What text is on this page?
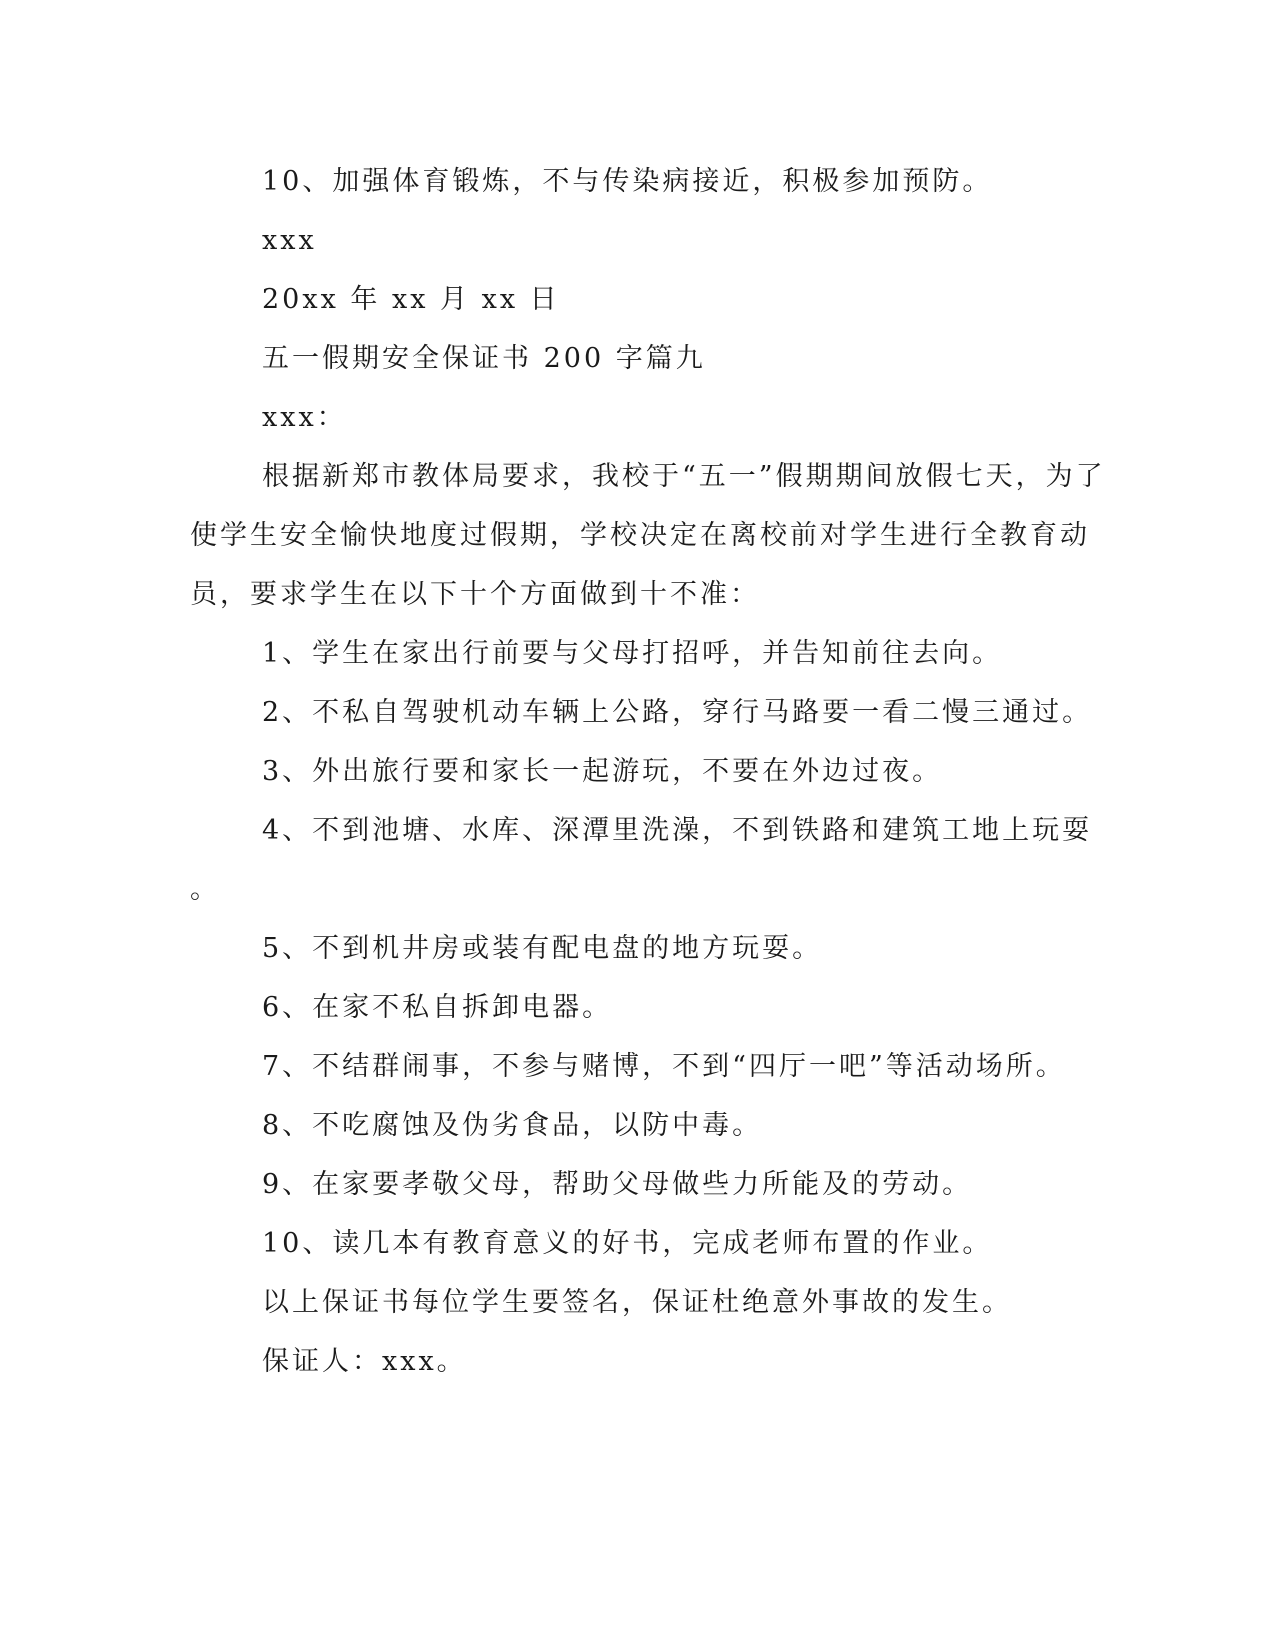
10、加强体育锻炼，不与传染病接近，积极参加预防。
xxx
20xx 年 xx 月 xx 日
五一假期安全保证书 200 字篇九
xxx：
根据新郑市教体局要求，我校于“五一”假期期间放假七天，为了
使学生安全愉快地度过假期，学校决定在离校前对学生进行全教育动
员，要求学生在以下十个方面做到十不准：
1、学生在家出行前要与父母打招呼，并告知前往去向。
2、不私自驾驶机动车辆上公路，穿行马路要一看二慢三通过。
3、外出旅行要和家长一起游玩，不要在外边过夜。
4、不到池塘、水库、深潭里洗澡，不到铁路和建筑工地上玩耍
。
5、不到机井房或装有配电盘的地方玩耍。
6、在家不私自拆卸电器。
7、不结群闹事，不参与赌博，不到“四厅一吧”等活动场所。
8、不吃腐蚀及伪劣食品，以防中毒。
9、在家要孝敬父母，帮助父母做些力所能及的劳动。
10、读几本有教育意义的好书，完成老师布置的作业。
以上保证书每位学生要签名，保证杜绝意外事故的发生。
保证人：xxx。
